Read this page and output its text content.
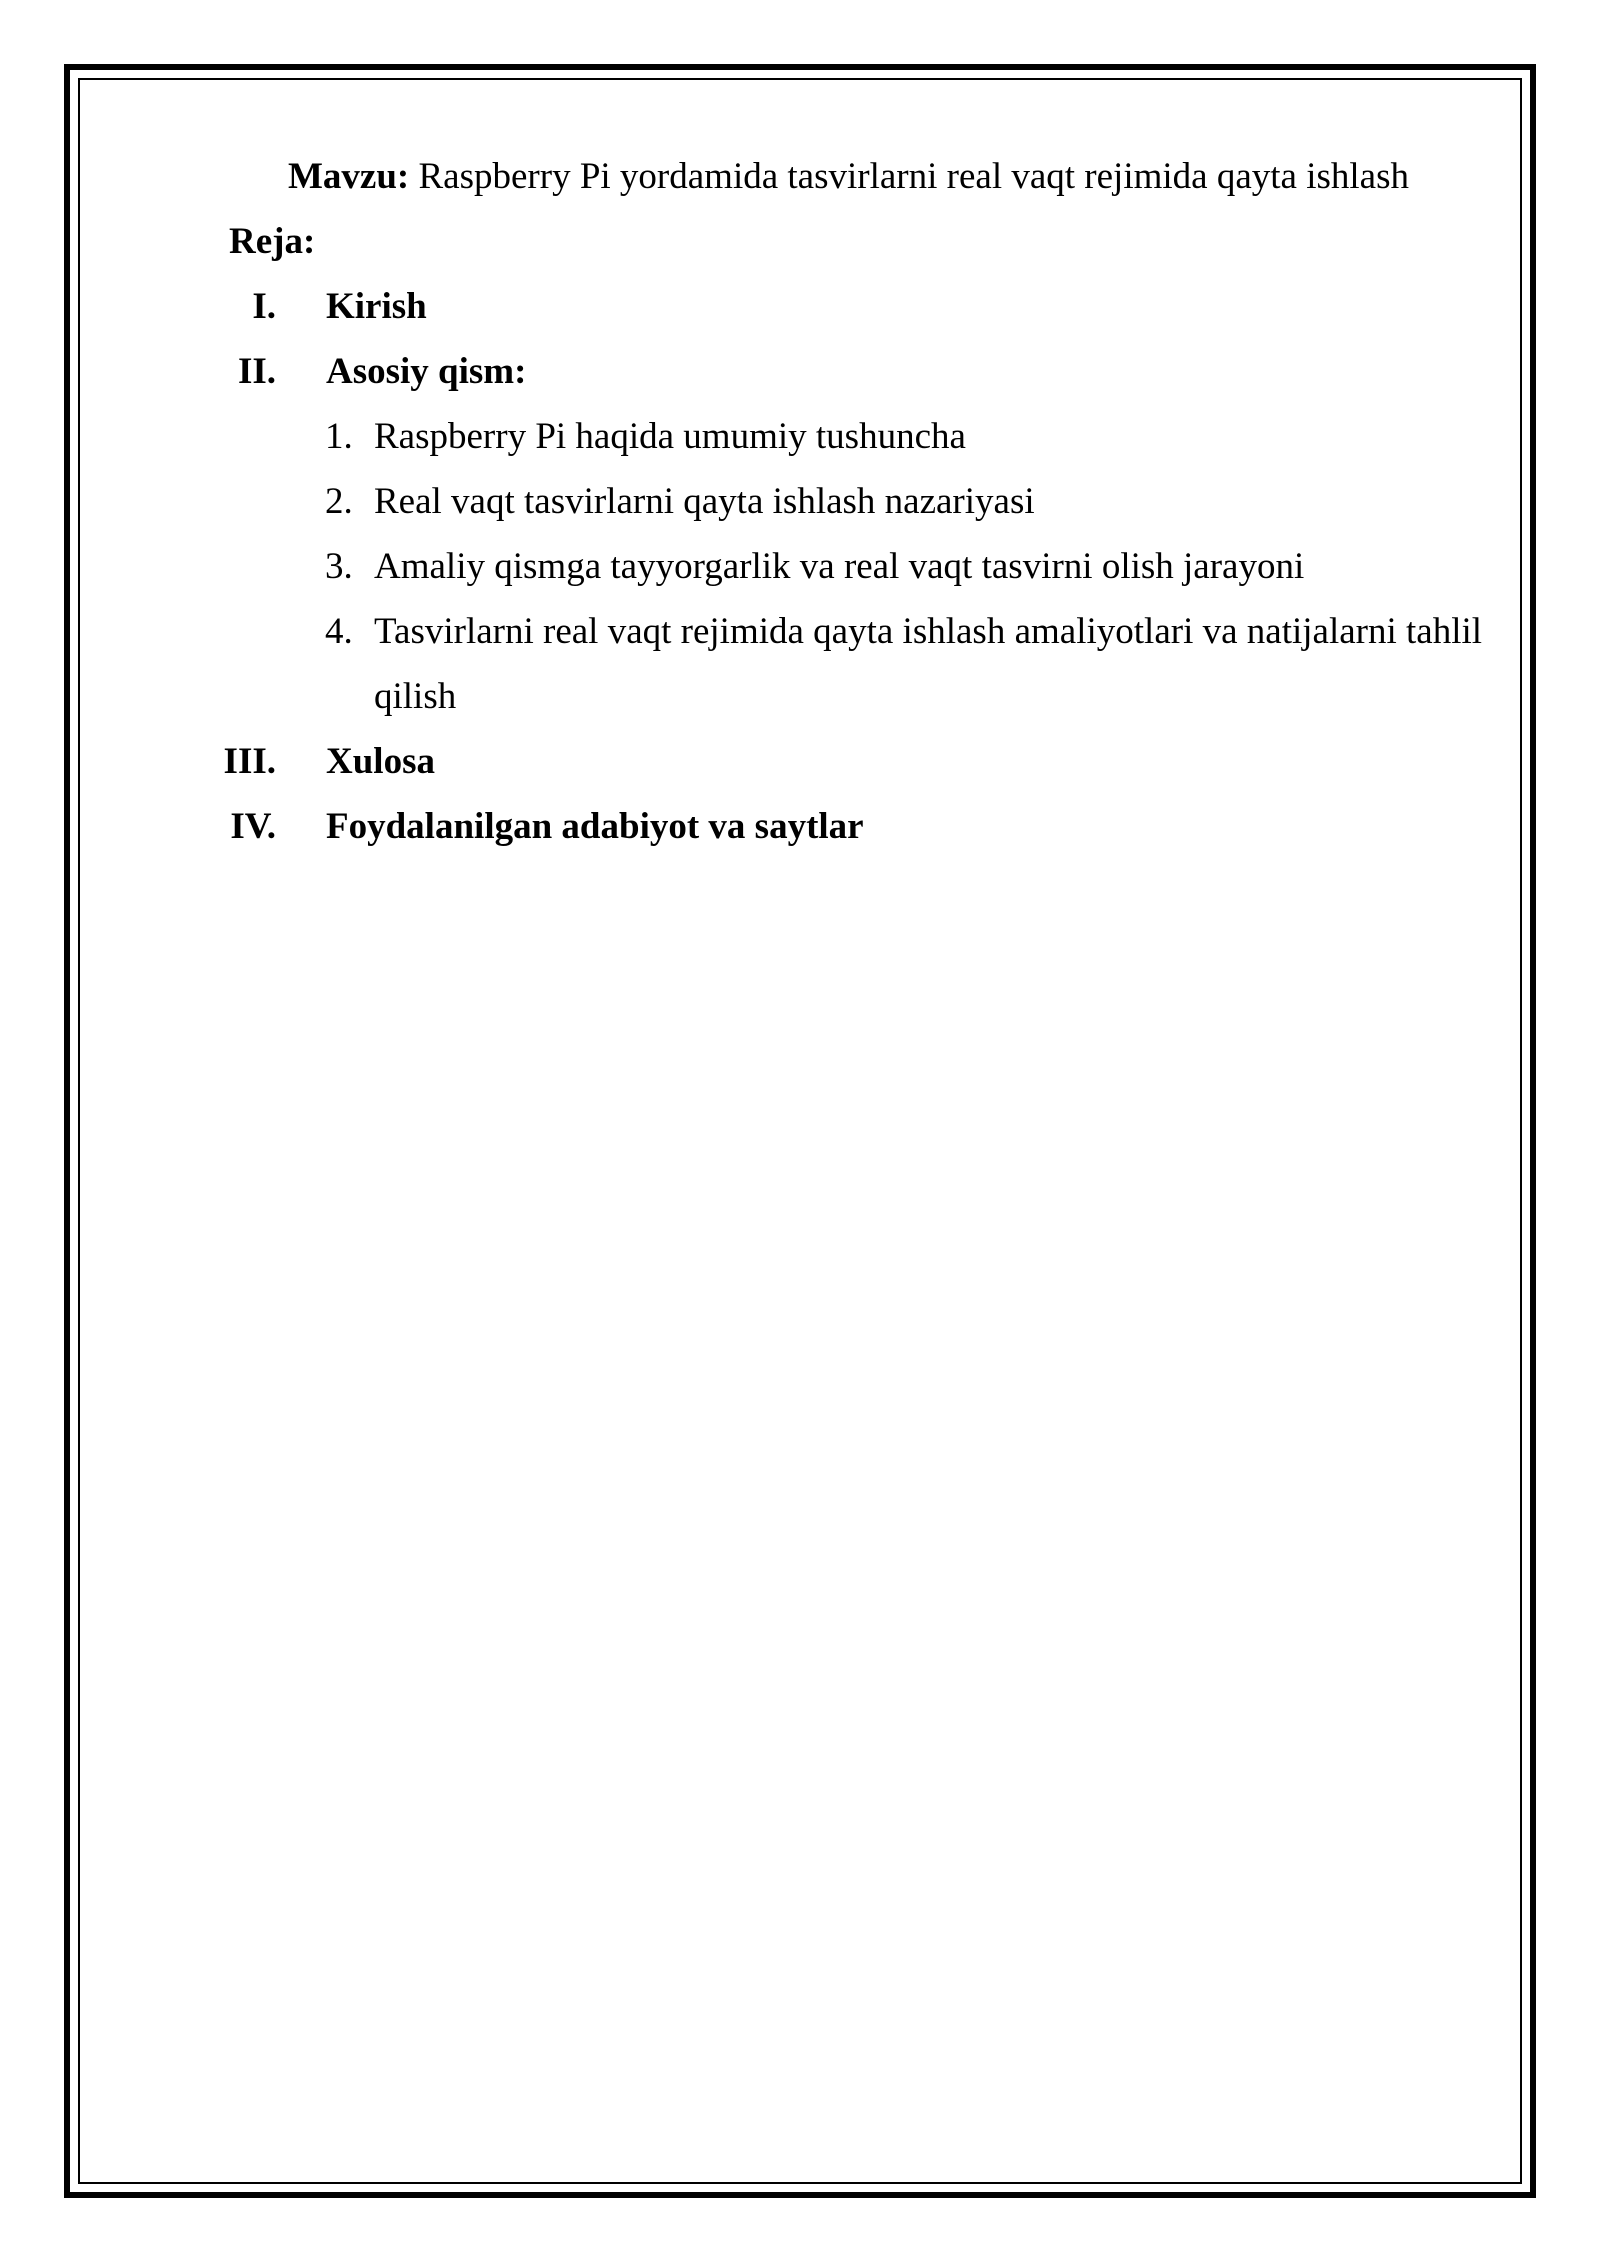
Mavzu: Raspberry Pi yordamida tasvirlarni real vaqt rejimida qayta ishlash
Reja:
I. Kirish
II. Asosiy qism:
1. Raspberry Pi haqida umumiy tushuncha
2. Real vaqt tasvirlarni qayta ishlash nazariyasi
3. Amaliy qismga tayyorgarlik va real vaqt tasvirni olish jarayoni
4. Tasvirlarni real vaqt rejimida qayta ishlash amaliyotlari va natijalarni tahlil
qilish
III. Xulosa
IV. Foydalanilgan adabiyot va saytlar
